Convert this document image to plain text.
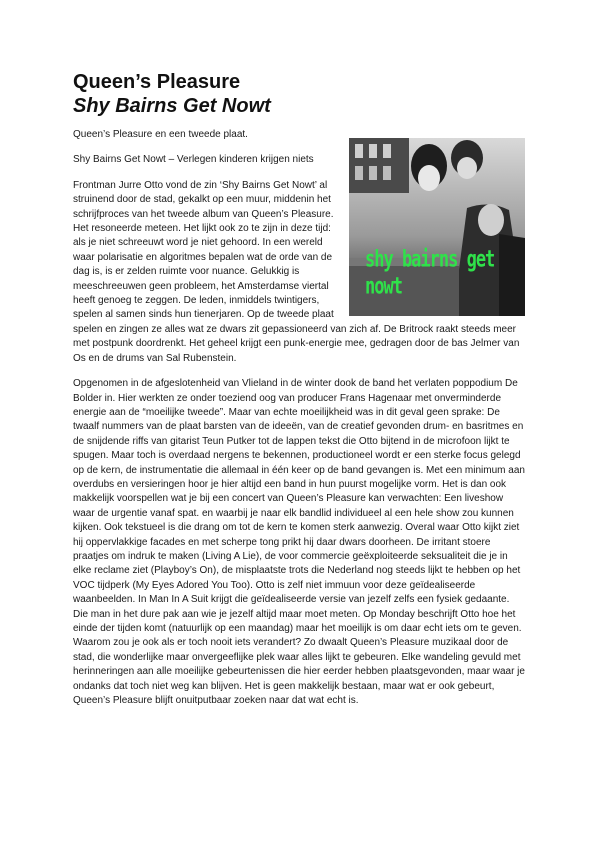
Queen’s Pleasure
Shy Bairns Get Nowt
shy bairns get nowt

Queen’s Pleasure en een tweede plaat.

Shy Bairns Get Nowt – Verlegen kinderen krijgen niets

Frontman Jurre Otto vond de zin ‘Shy Bairns Get Nowt’ al struinend door de stad, gekalkt op een muur, middenin het schrijfproces van het tweede album van Queen’s Pleasure. Het resoneerde meteen. Het lijkt ook zo te zijn in deze tijd: als je niet schreeuwt word je niet gehoord. In een wereld waar polarisatie en algoritmes bepalen wat de orde van de dag is, is er zelden ruimte voor nuance. Gelukkig is meeschreeuwen geen probleem, het Amsterdamse viertal heeft genoeg te zeggen. De leden, inmiddels twintigers, spelen al samen sinds hun tienerjaren. Op de tweede plaat spelen en zingen ze alles wat ze dwars zit gepassioneerd van zich af. De Britrock raakt steeds meer met postpunk doordrenkt. Het geheel krijgt een punk-energie mee, gedragen door de bas Jelmer van Os en de drums van Sal Rubenstein.

Opgenomen in de afgeslotenheid van Vlieland in de winter dook de band het verlaten poppodium De Bolder in. Hier werkten ze onder toeziend oog van producer Frans Hagenaar met onverminderde energie aan de “moeilijke tweede”. Maar van echte moeilijkheid was in dit geval geen sprake: De twaalf nummers van de plaat barsten van de ideeën, van de creatief gevonden drum- en basritmes en de snijdende riffs van gitarist Teun Putker tot de lappen tekst die Otto bijtend in de microfoon lijkt te spugen. Maar toch is overdaad nergens te bekennen, productioneel wordt er een sterke focus gelegd op de kern, de instrumentatie die allemaal in één keer op de band gevangen is. Met een minimum aan overdubs en versieringen hoor je hier altijd een band in hun puurst mogelijke vorm. Het is dan ook makkelijk voorspellen wat je bij een concert van Queen’s Pleasure kan verwachten: Een liveshow waar de urgentie vanaf spat. en waarbij je naar elk bandlid individueel al een hele show zou kunnen kijken. Ook tekstueel is die drang om tot de kern te komen sterk aanwezig. Overal waar Otto kijkt ziet hij oppervlakkige facades en met scherpe tong prikt hij daar dwars doorheen. De irritant stoere praatjes om indruk te maken (Living A Lie), de voor commercie geëxploiteerde seksualiteit die je in elke reclame ziet (Playboy’s On), de misplaatste trots die Nederland nog steeds lijkt te hebben op het VOC tijdperk (My Eyes Adored You Too). Otto is zelf niet immuun voor deze geïdealiseerde waanbeelden. In Man In A Suit krijgt die geïdealiseerde versie van jezelf zelfs een fysiek gedaante. Die man in het dure pak aan wie je jezelf altijd maar moet meten. Op Monday beschrijft Otto hoe het einde der tijden komt (natuurlijk op een maandag) maar het moeilijk is om daar echt iets om te geven. Waarom zou je ook als er toch nooit iets verandert? Zo dwaalt Queen’s Pleasure muzikaal door de stad, die wonderlijke maar onvergeeflijke plek waar alles lijkt te gebeuren. Elke wandeling gevuld met herinneringen aan alle moeilijke gebeurtenissen die hier eerder hebben plaatsgevonden, maar waar je ondanks dat toch niet weg kan blijven. Het is geen makkelijk bestaan, maar wat er ook gebeurt, Queen’s Pleasure blijft onuitputbaar zoeken naar dat wat echt is.
